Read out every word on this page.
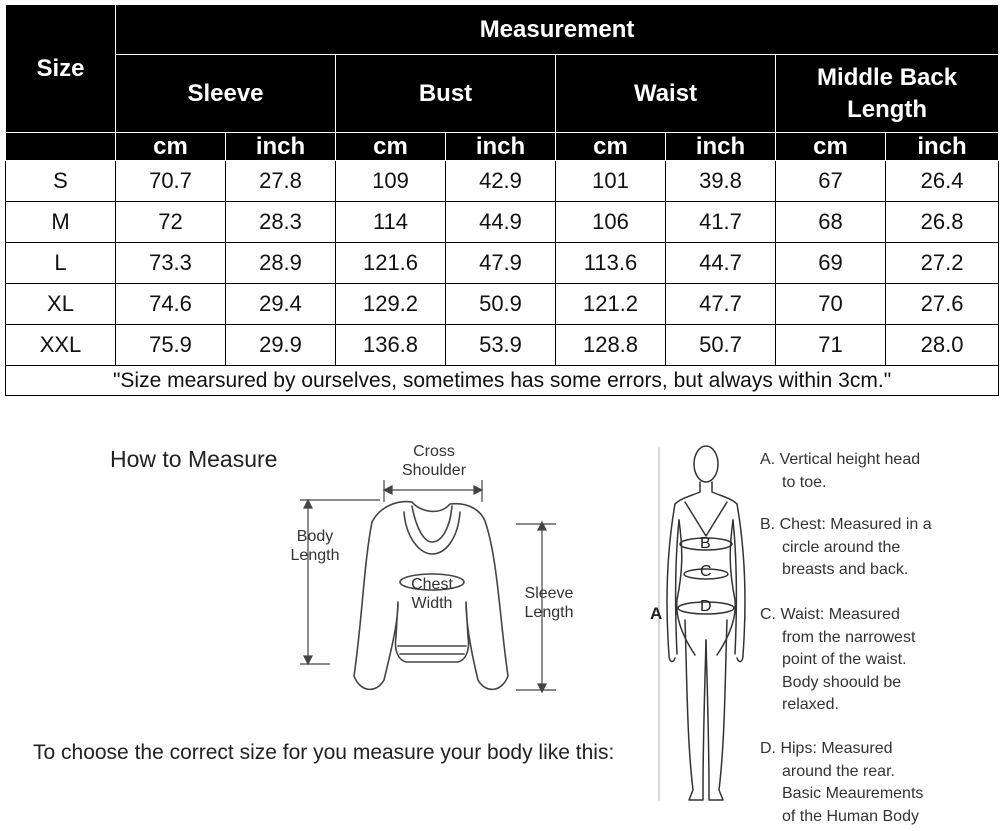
Size	Measurement							
	Sleeve		Bust		Waist		Middle Back
Length	
	cm	inch	cm	inch	cm	inch	cm	inch
S	70.7	27.8	109	42.9	101	39.8	67	26.4
M	72	28.3	114	44.9	106	41.7	68	26.8
L	73.3	28.9	121.6	47.9	113.6	44.7	69	27.2
XL	74.6	29.4	129.2	50.9	121.2	47.7	70	27.6
XXL	75.9	29.9	136.8	53.9	128.8	50.7	71	28.0
"Size mearsured by ourselves, sometimes has some errors, but always within 3cm."								
How to Measure
To choose the correct size for you measure your body like this:
Cross
Shoulder
Body
Length
Chest
Width
Sleeve
Length	A
B
C
D
A. Vertical height head
to toe.
B. Chest: Measured in a
circle around the
breasts and back.
C. Waist: Measured
from the narrowest
point of the waist.
Body shoould be
relaxed.
D. Hips: Measured
around the rear.
Basic Meaurements
of the Human Body
